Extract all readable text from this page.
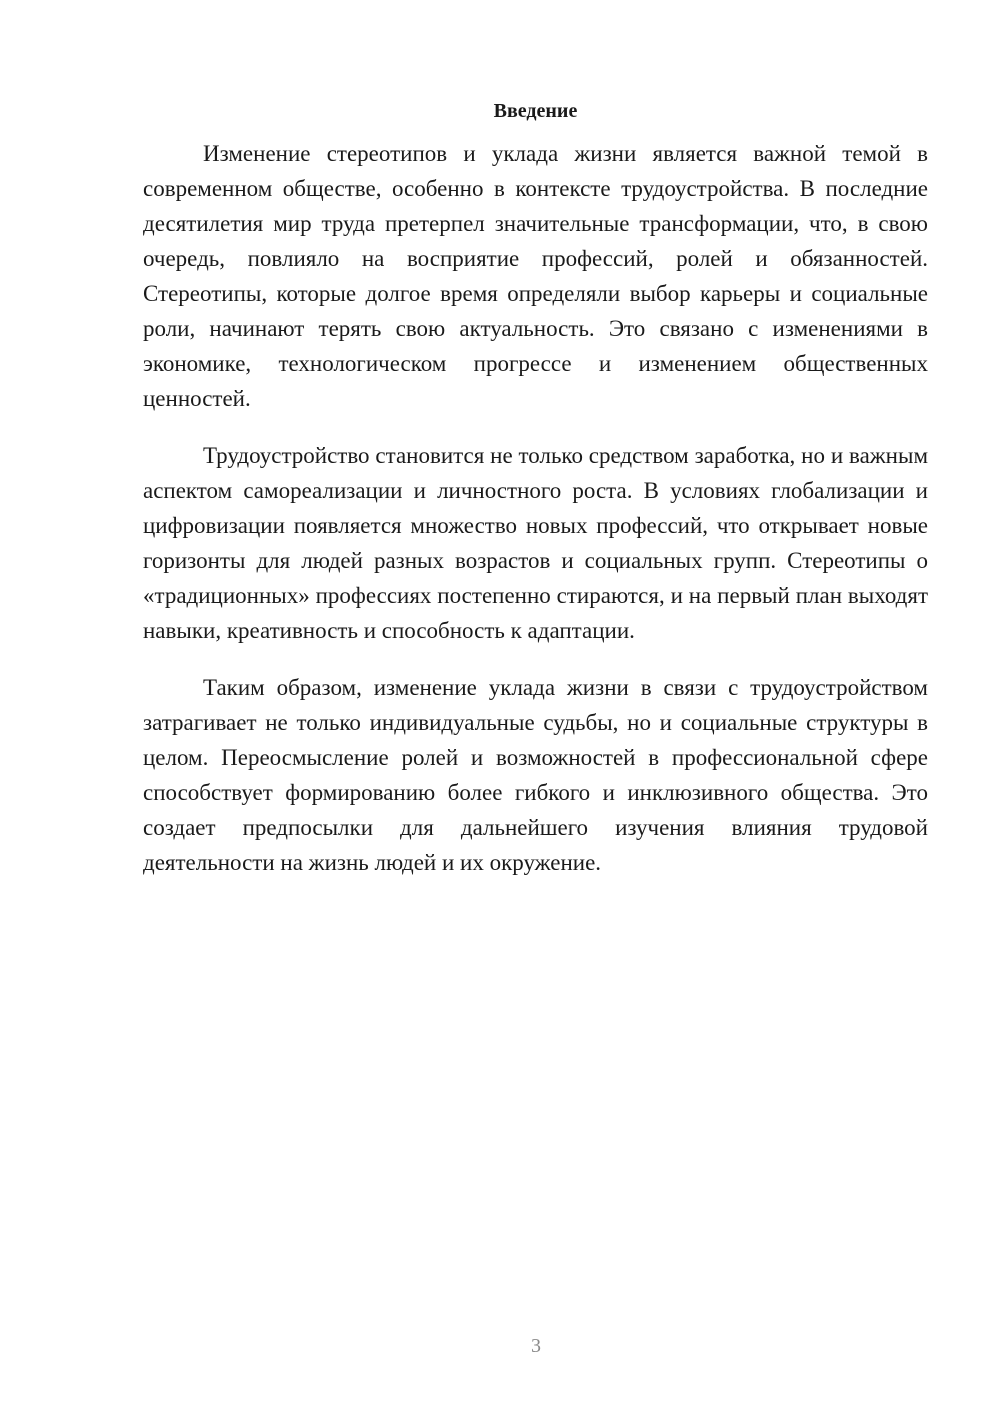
Введение

Изменение стереотипов и уклада жизни является важной темой в современном обществе, особенно в контексте трудоустройства. В последние десятилетия мир труда претерпел значительные трансформации, что, в свою очередь, повлияло на восприятие профессий, ролей и обязанностей. Стереотипы, которые долгое время определяли выбор карьеры и социальные роли, начинают терять свою актуальность. Это связано с изменениями в экономике, технологическом прогрессе и изменением общественных ценностей.

Трудоустройство становится не только средством заработка, но и важным аспектом самореализации и личностного роста. В условиях глобализации и цифровизации появляется множество новых профессий, что открывает новые горизонты для людей разных возрастов и социальных групп. Стереотипы о «традиционных» профессиях постепенно стираются, и на первый план выходят навыки, креативность и способность к адаптации.

Таким образом, изменение уклада жизни в связи с трудоустройством затрагивает не только индивидуальные судьбы, но и социальные структуры в целом. Переосмысление ролей и возможностей в профессиональной сфере способствует формированию более гибкого и инклюзивного общества. Это создает предпосылки для дальнейшего изучения влияния трудовой деятельности на жизнь людей и их окружение.

3
